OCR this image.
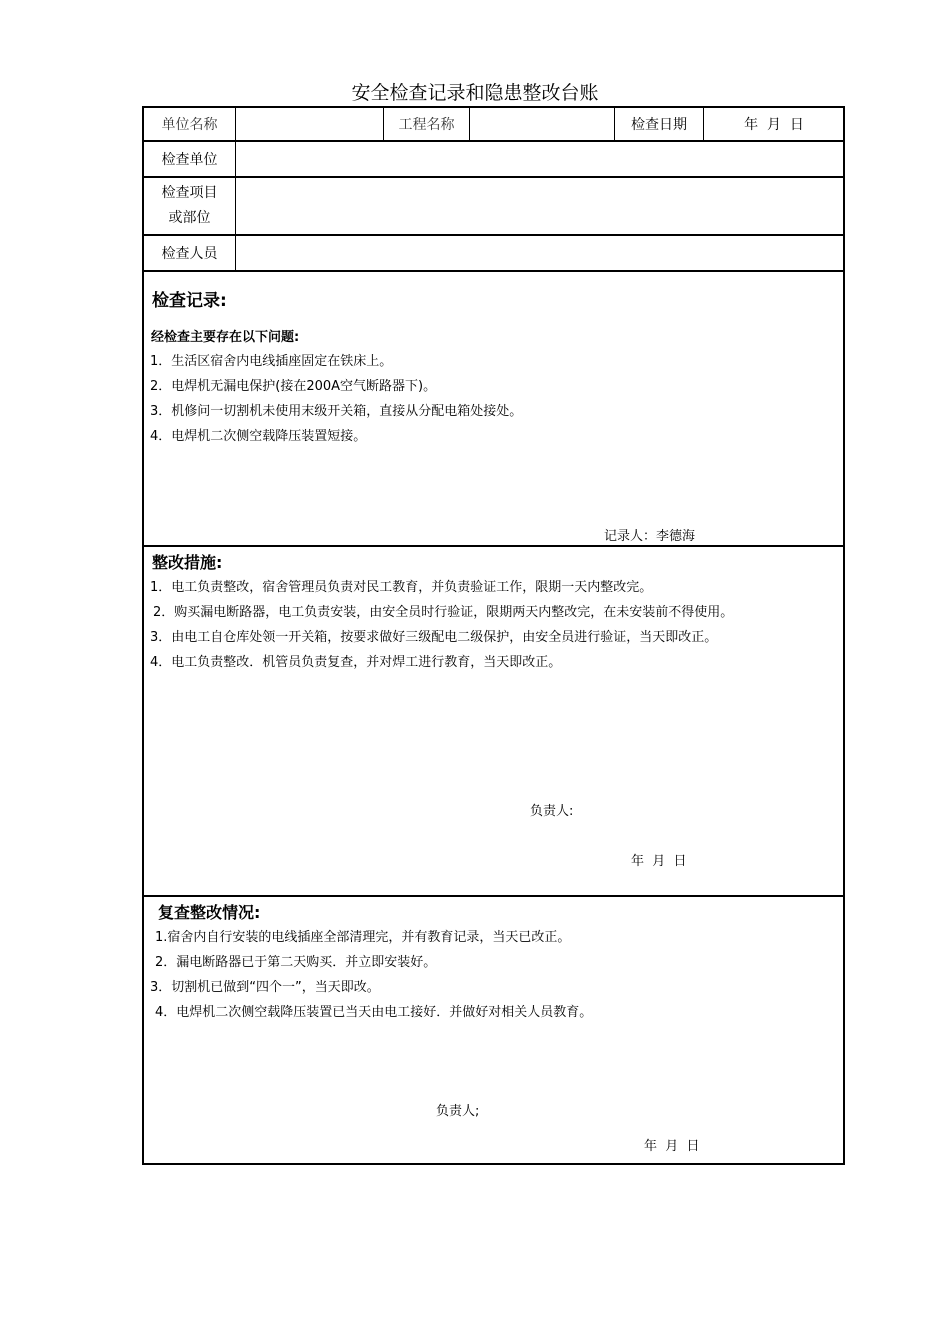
安全检查记录和隐患整改台账
单位名称	工程名称	检查日期	年  月  日
检查单位
检查项目
或部位
检查人员
检查记录:
经检查主要存在以下问题:
1．生活区宿舍内电线插座固定在铁床上。
2．电焊机无漏电保护(接在200A空气断路器下)。
3．机修问一切割机未使用末级开关箱，直接从分配电箱处接处。
4．电焊机二次侧空载降压装置短接。
记录人：李德海
整改措施:
1．电工负责整改，宿舍管理员负责对民工教育，并负责验证工作，限期一天内整改完。
2．购买漏电断路器，电工负责安装，由安全员时行验证，限期两天内整改完，在未安装前不得使用。
3．由电工自仓库处领一开关箱，按要求做好三级配电二级保护，由安全员进行验证，当天即改正。
4．电工负责整改．机管员负责复查，并对焊工进行教育，当天即改正。
负责人:
年  月  日
复查整改情况:
1.宿舍内自行安装的电线插座全部清理完，并有教育记录，当天已改正。
2．漏电断路器已于第二天购买．并立即安装好。
3．切割机已做到“四个一”，当天即改。
4．电焊机二次侧空载降压装置已当天由电工接好．并做好对相关人员教育。
负责人;
年  月  日
